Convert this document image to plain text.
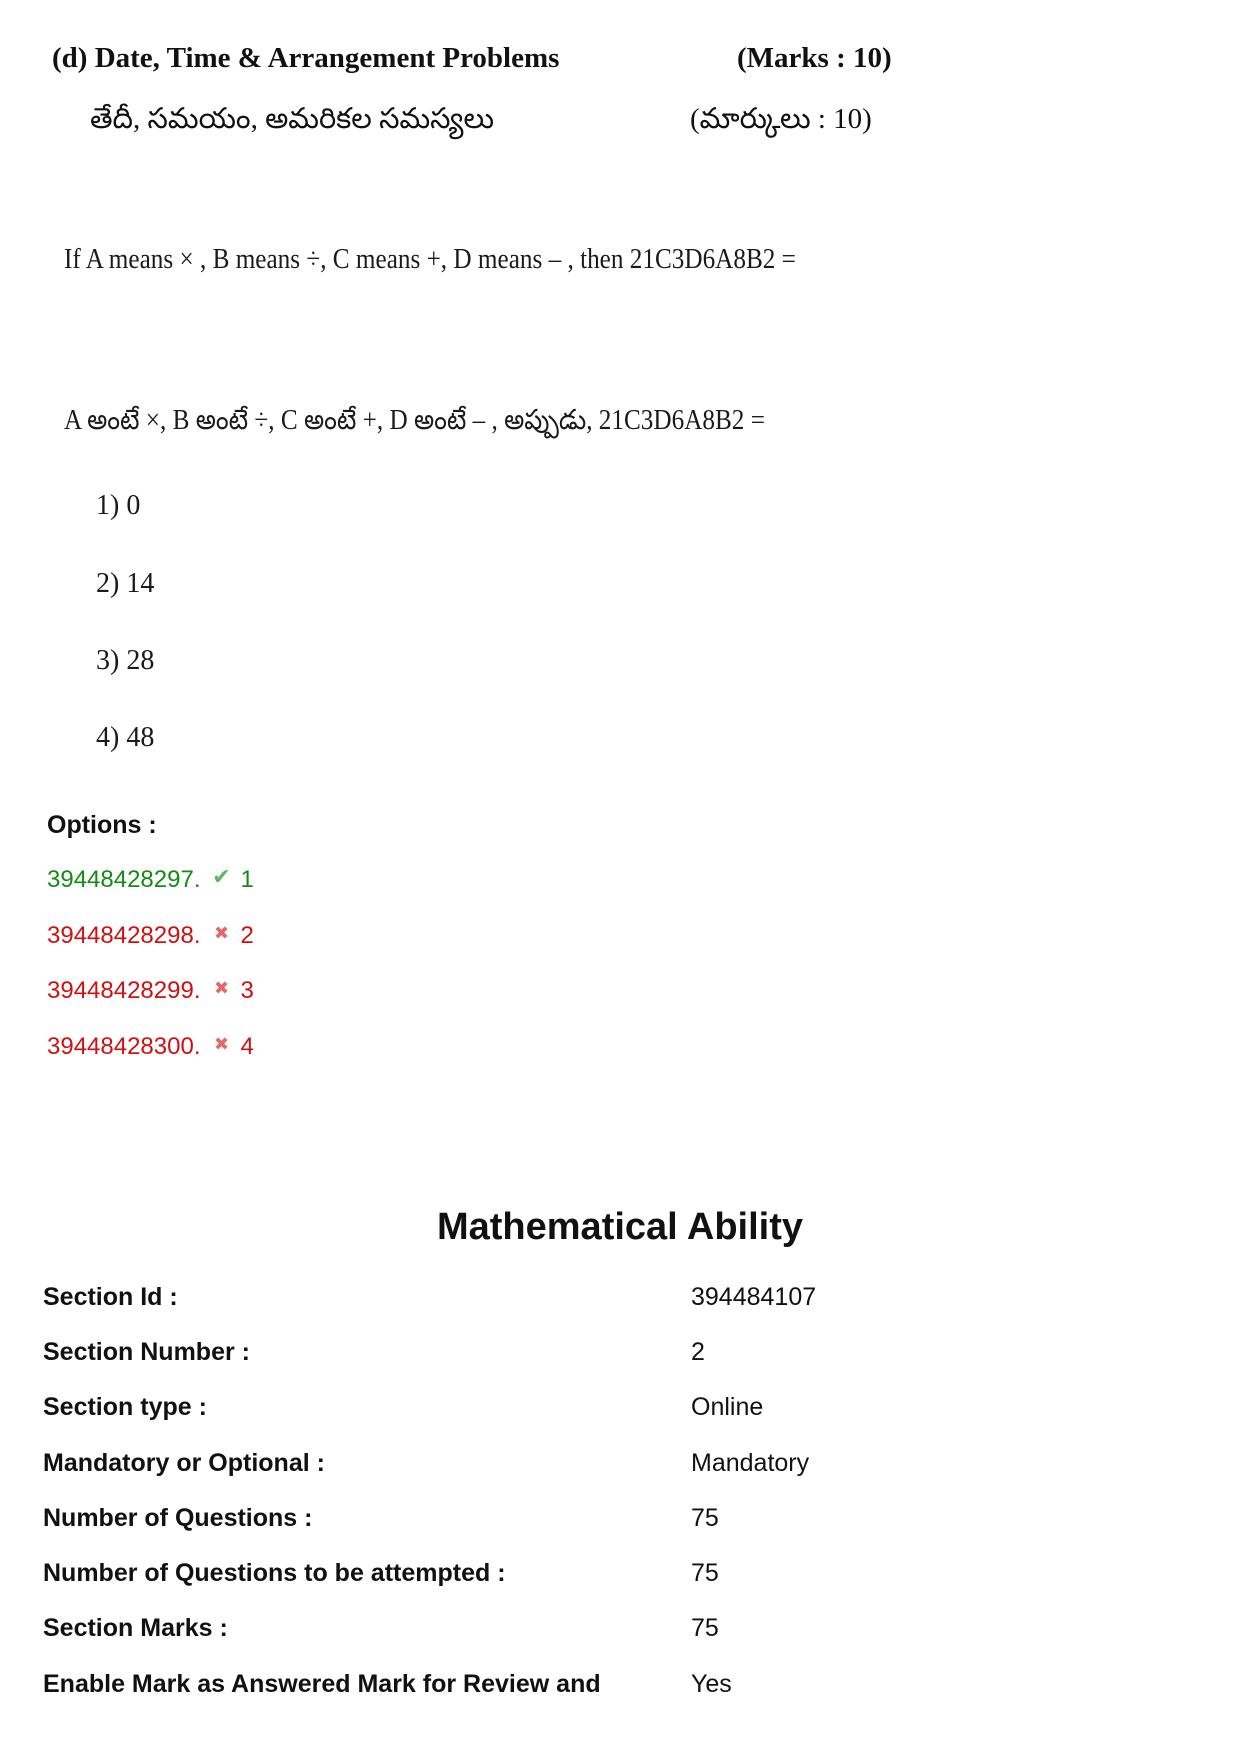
(d) Date, Time & Arrangement Problems	(Marks : 10)
తేదీ, సమయం, అమరికల సమస్యలు	(మార్కులు : 10)
If A means × , B means ÷, C means +, D means – , then 21C3D6A8B2 =
A అంటే ×, B అంటే ÷, C అంటే +, D అంటే – , అప్పుడు, 21C3D6A8B2 =
1) 0
2) 14
3) 28
4) 48
Options :
39448428297. ✔ 1
39448428298. ✖ 2
39448428299. ✖ 3
39448428300. ✖ 4
Mathematical Ability
Section Id :	394484107
Section Number :	2
Section type :	Online
Mandatory or Optional :	Mandatory
Number of Questions :	75
Number of Questions to be attempted :	75
Section Marks :	75
Enable Mark as Answered Mark for Review and	Yes
